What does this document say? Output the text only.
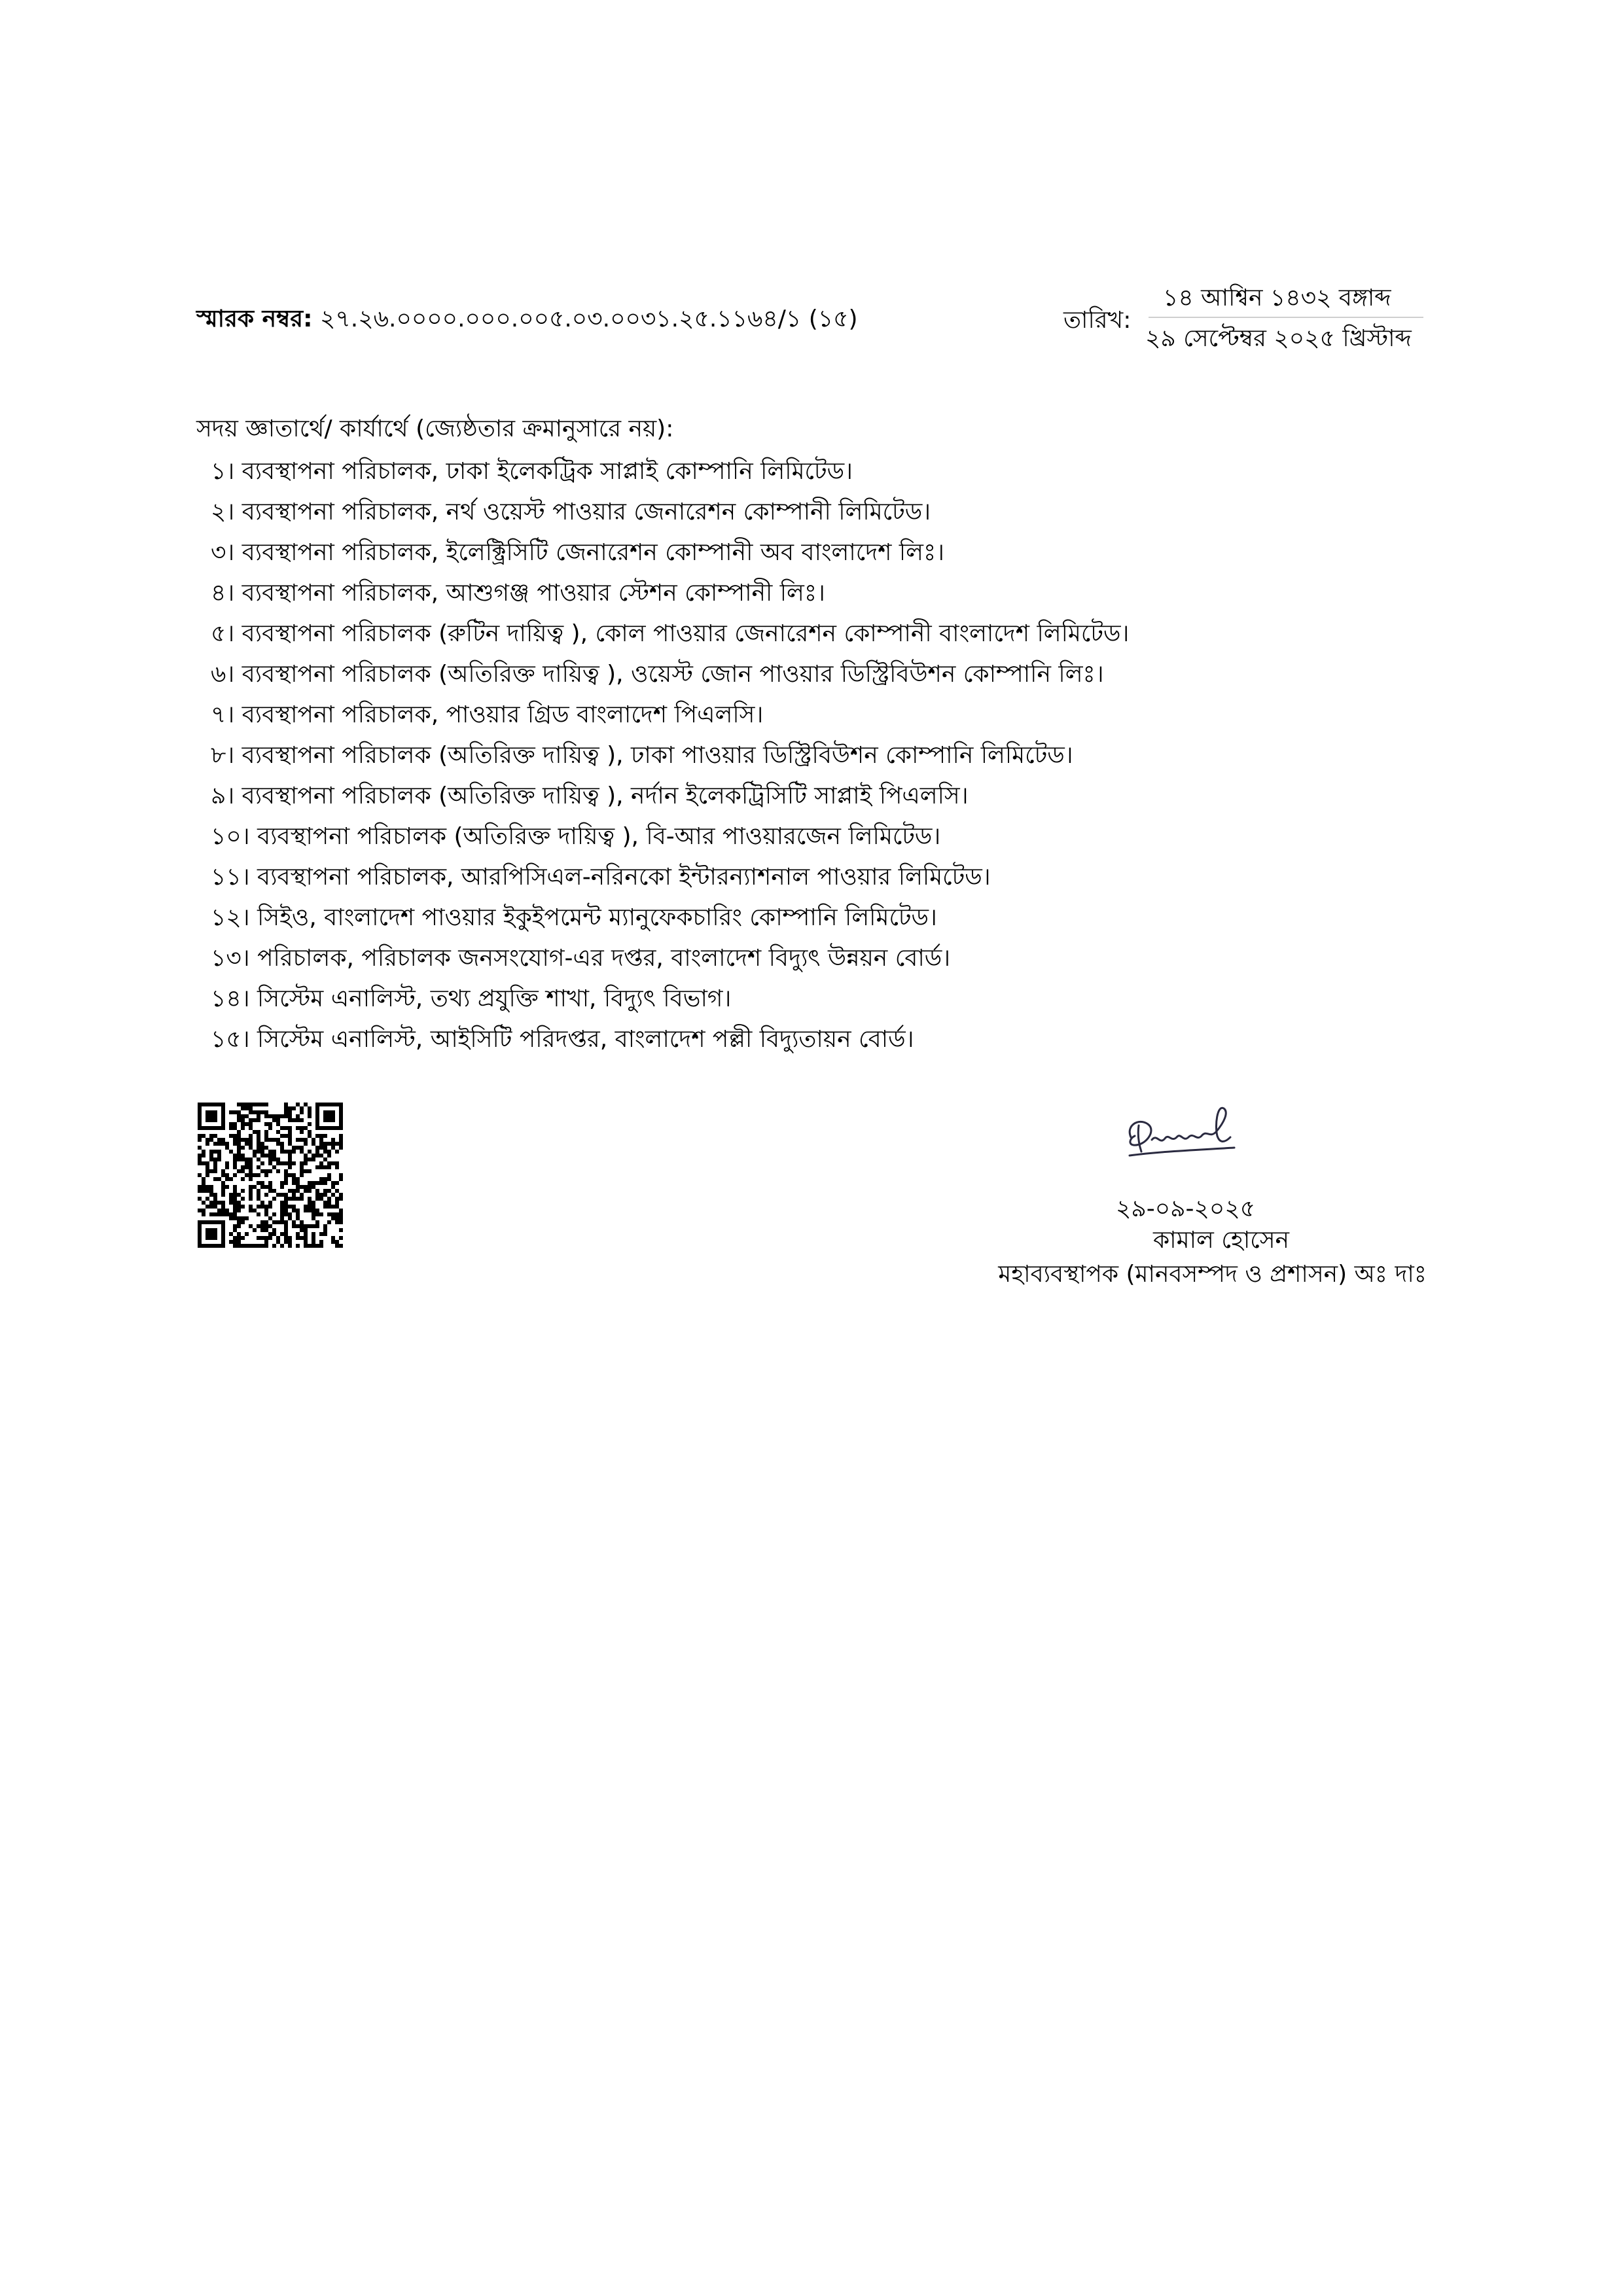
স্মারক নম্বর: ২৭.২৬.০০০০.০০০.০০৫.০৩.০০৩১.২৫.১১৬৪/১ (১৫)	তারিখ:
১৪ আশ্বিন ১৪৩২ বঙ্গাব্দ
২৯ সেপ্টেম্বর ২০২৫ খ্রিস্টাব্দ
সদয় জ্ঞাতার্থে/ কার্যার্থে (জ্যেষ্ঠতার ক্রমানুসারে নয়):
১। ব্যবস্থাপনা পরিচালক, ঢাকা ইলেকট্রিক সাপ্লাই কোম্পানি লিমিটেড।
২। ব্যবস্থাপনা পরিচালক, নর্থ ওয়েস্ট পাওয়ার জেনারেশন কোম্পানী লিমিটেড।
৩। ব্যবস্থাপনা পরিচালক, ইলেক্ট্রিসিটি জেনারেশন কোম্পানী অব বাংলাদেশ লিঃ।
৪। ব্যবস্থাপনা পরিচালক, আশুগঞ্জ পাওয়ার স্টেশন কোম্পানী লিঃ।
৫। ব্যবস্থাপনা পরিচালক (রুটিন দায়িত্ব ), কোল পাওয়ার জেনারেশন কোম্পানী বাংলাদেশ লিমিটেড।
৬। ব্যবস্থাপনা পরিচালক (অতিরিক্ত দায়িত্ব ), ওয়েস্ট জোন পাওয়ার ডিস্ট্রিবিউশন কোম্পানি লিঃ।
৭। ব্যবস্থাপনা পরিচালক, পাওয়ার গ্রিড বাংলাদেশ পিএলসি।
৮। ব্যবস্থাপনা পরিচালক (অতিরিক্ত দায়িত্ব ), ঢাকা পাওয়ার ডিস্ট্রিবিউশন কোম্পানি লিমিটেড।
৯। ব্যবস্থাপনা পরিচালক (অতিরিক্ত দায়িত্ব ), নর্দান ইলেকট্রিসিটি সাপ্লাই পিএলসি।
১০। ব্যবস্থাপনা পরিচালক (অতিরিক্ত দায়িত্ব ), বি-আর পাওয়ারজেন লিমিটেড।
১১। ব্যবস্থাপনা পরিচালক, আরপিসিএল-নরিনকো ইন্টারন্যাশনাল পাওয়ার লিমিটেড।
১২। সিইও, বাংলাদেশ পাওয়ার ইকুইপমেন্ট ম্যানুফেকচারিং কোম্পানি লিমিটেড।
১৩। পরিচালক, পরিচালক জনসংযোগ-এর দপ্তর, বাংলাদেশ বিদ্যুৎ উন্নয়ন বোর্ড।
১৪। সিস্টেম এনালিস্ট, তথ্য প্রযুক্তি শাখা, বিদ্যুৎ বিভাগ।
১৫। সিস্টেম এনালিস্ট, আইসিটি পরিদপ্তর, বাংলাদেশ পল্লী বিদ্যুতায়ন বোর্ড।
২৯-০৯-২০২৫
কামাল হোসেন
মহাব্যবস্থাপক (মানবসম্পদ ও প্রশাসন) অঃ দাঃ
